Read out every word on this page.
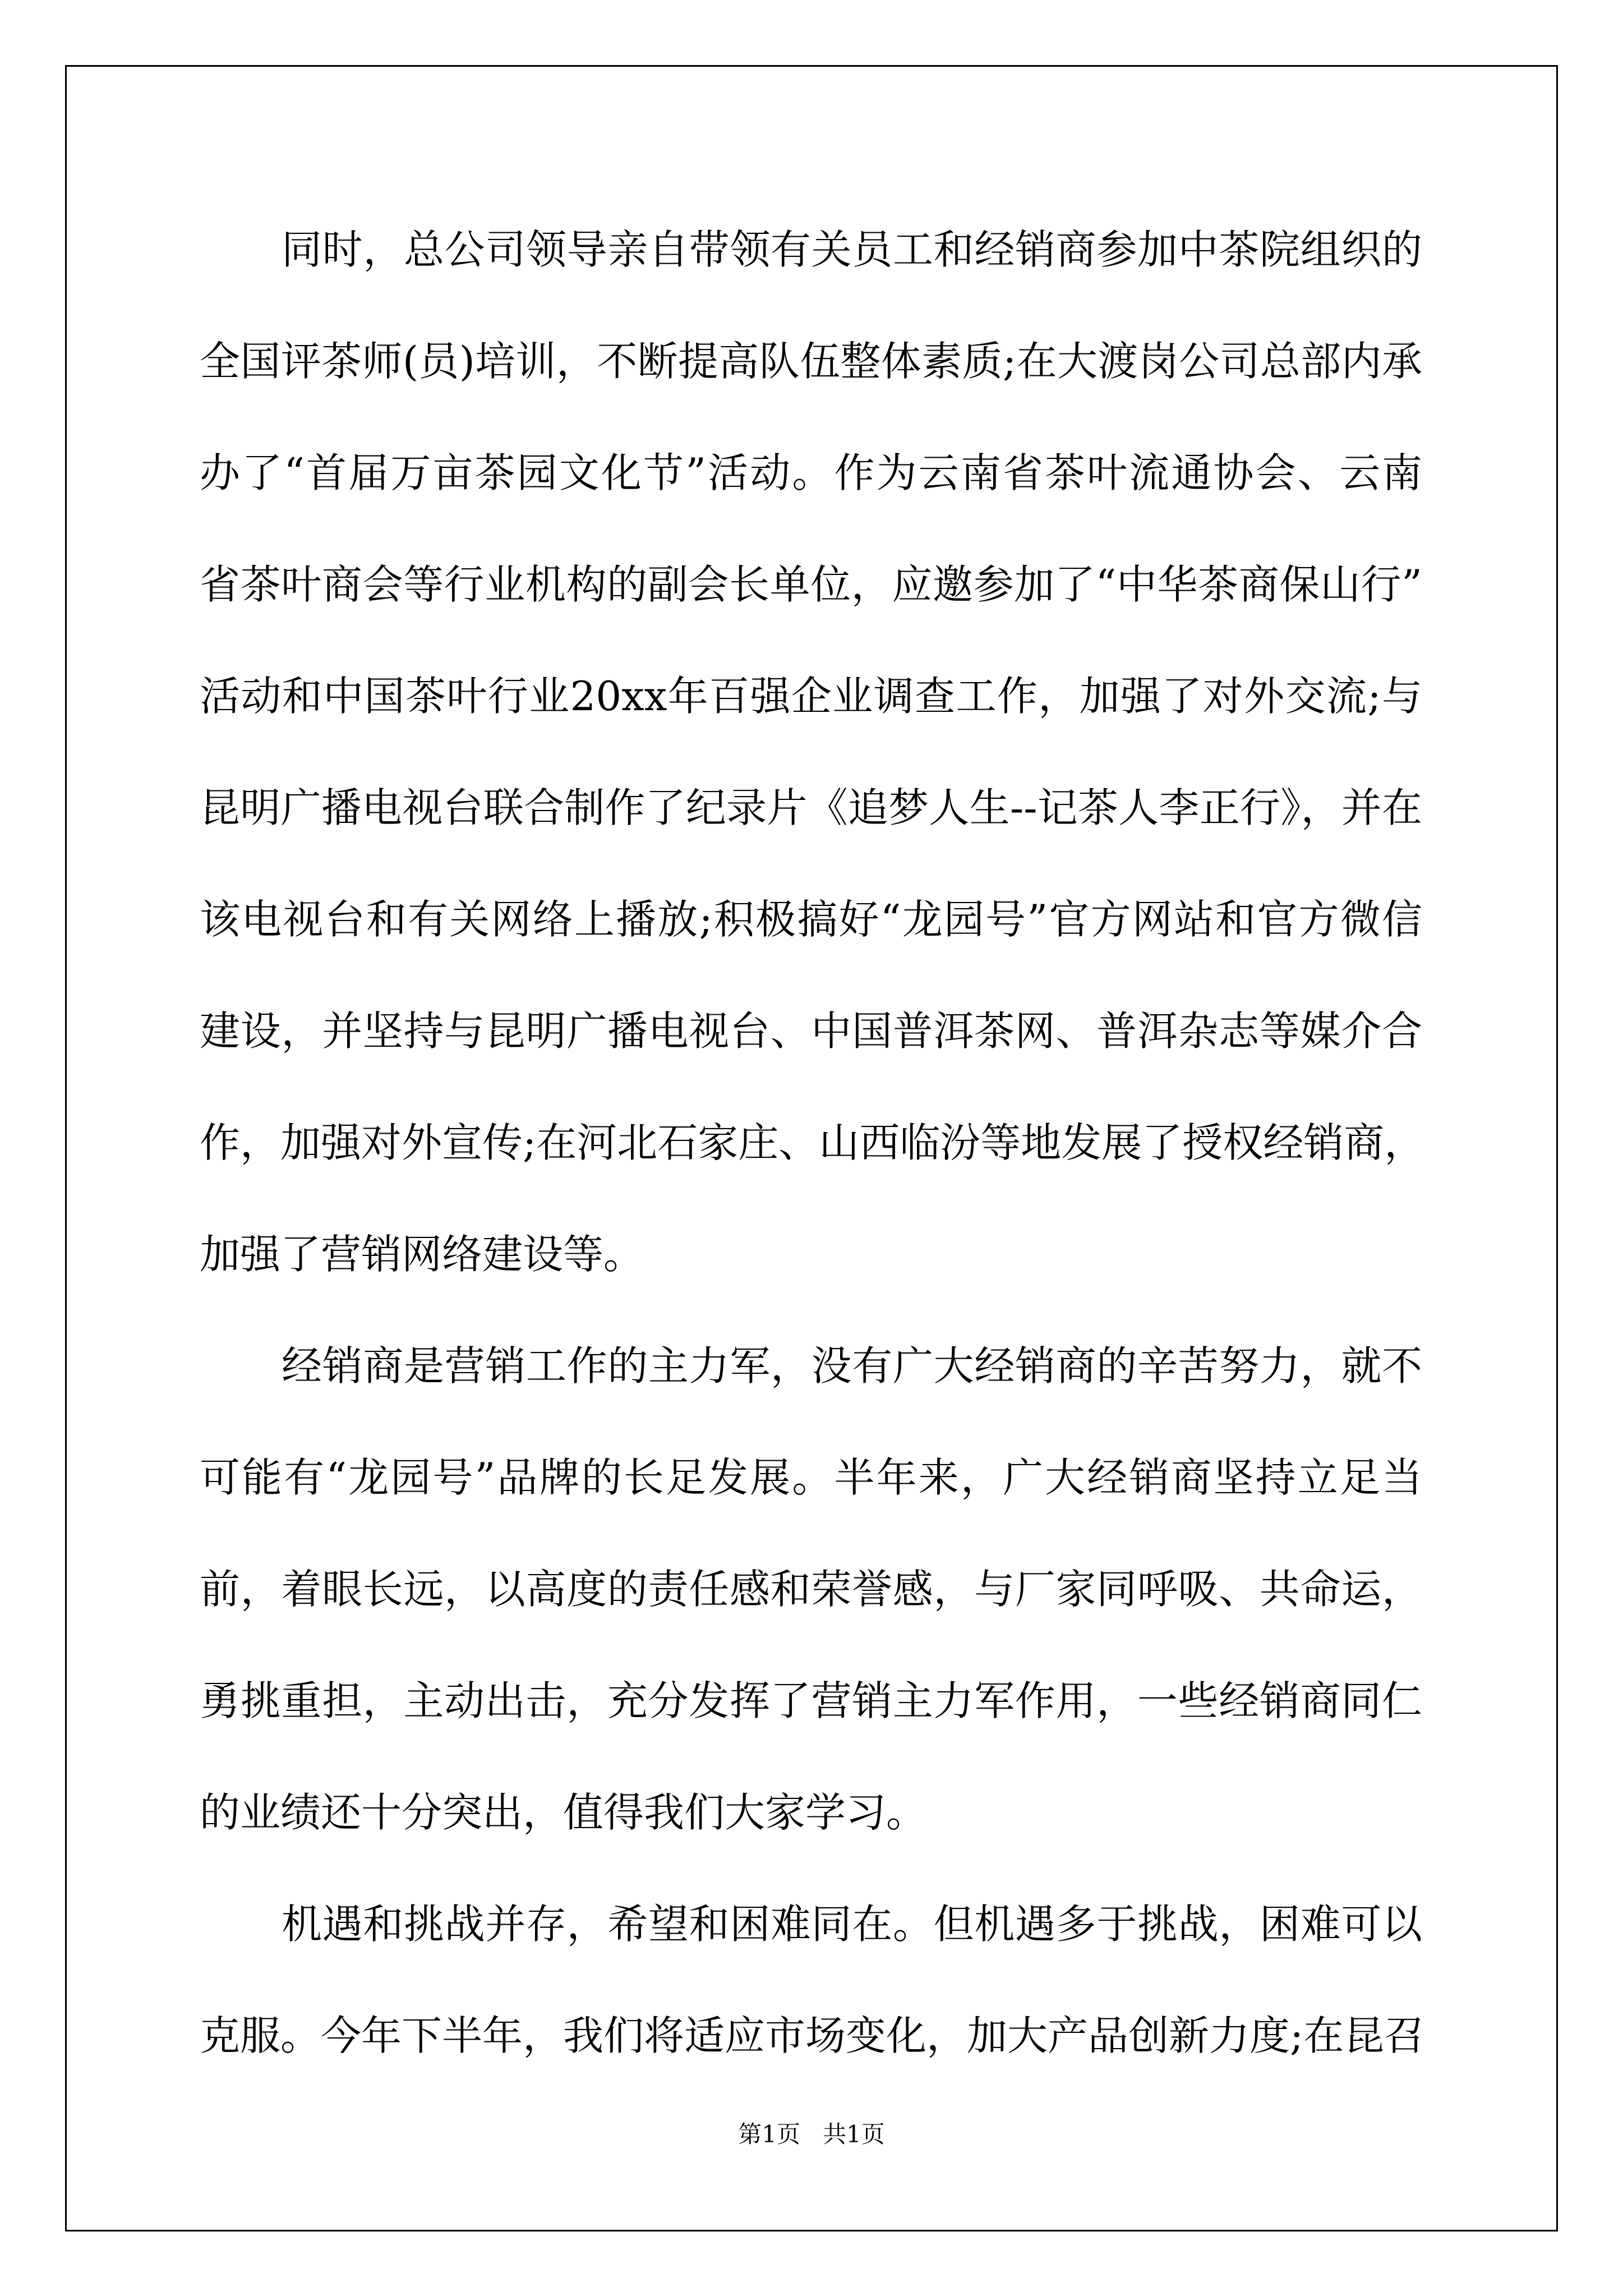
同时，总公司领导亲自带领有关员工和经销商参加中茶院组织的
全国评茶师(员)培训，不断提高队伍整体素质;在大渡岗公司总部内承
办了“首届万亩茶园文化节”活动。作为云南省茶叶流通协会、云南
省茶叶商会等行业机构的副会长单位，应邀参加了“中华茶商保山行”
活动和中国茶叶行业20xx年百强企业调查工作，加强了对外交流;与
昆明广播电视台联合制作了纪录片《追梦人生--记茶人李正行》，并在
该电视台和有关网络上播放;积极搞好“龙园号”官方网站和官方微信
建设，并坚持与昆明广播电视台、中国普洱茶网、普洱杂志等媒介合
作，加强对外宣传;在河北石家庄、山西临汾等地发展了授权经销商，
加强了营销网络建设等。
经销商是营销工作的主力军，没有广大经销商的辛苦努力，就不
可能有“龙园号”品牌的长足发展。半年来，广大经销商坚持立足当
前，着眼长远，以高度的责任感和荣誉感，与厂家同呼吸、共命运，
勇挑重担，主动出击，充分发挥了营销主力军作用，一些经销商同仁
的业绩还十分突出，值得我们大家学习。
机遇和挑战并存，希望和困难同在。但机遇多于挑战，困难可以
克服。今年下半年，我们将适应市场变化，加大产品创新力度;在昆召
第1页   共1页
